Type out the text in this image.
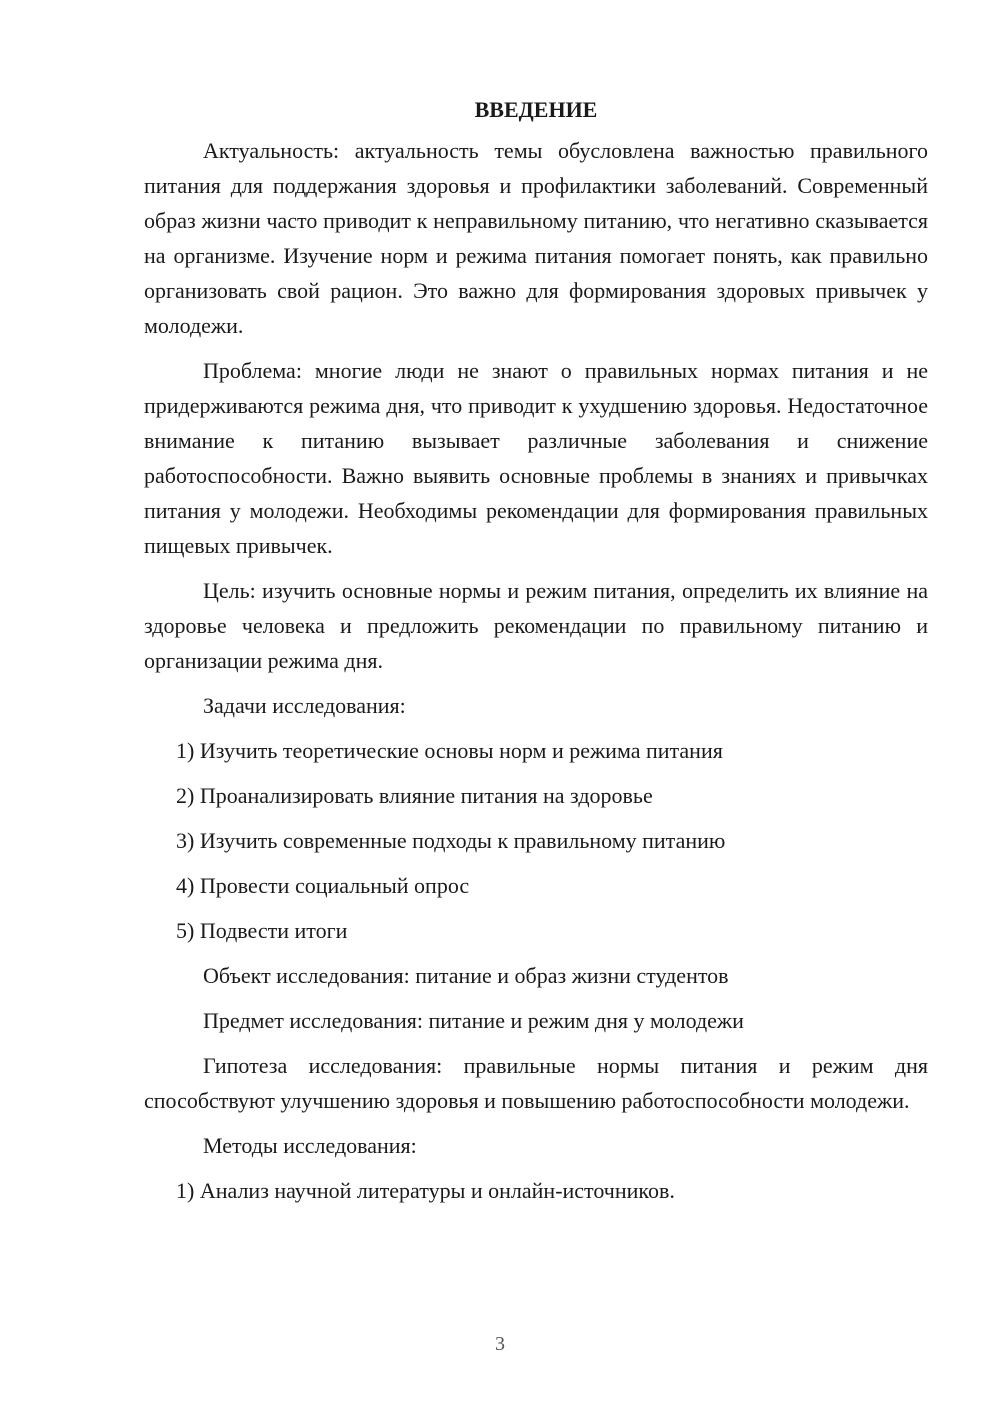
ВВЕДЕНИЕ
Актуальность: актуальность темы обусловлена важностью правильного питания для поддержания здоровья и профилактики заболеваний. Современный образ жизни часто приводит к неправильному питанию, что негативно сказывается на организме. Изучение норм и режима питания помогает понять, как правильно организовать свой рацион. Это важно для формирования здоровых привычек у молодежи.
Проблема: многие люди не знают о правильных нормах питания и не придерживаются режима дня, что приводит к ухудшению здоровья. Недостаточное внимание к питанию вызывает различные заболевания и снижение работоспособности. Важно выявить основные проблемы в знаниях и привычках питания у молодежи. Необходимы рекомендации для формирования правильных пищевых привычек.
Цель: изучить основные нормы и режим питания, определить их влияние на здоровье человека и предложить рекомендации по правильному питанию и организации режима дня.
Задачи исследования:
1) Изучить теоретические основы норм и режима питания
2) Проанализировать влияние питания на здоровье
3) Изучить современные подходы к правильному питанию
4) Провести социальный опрос
5) Подвести итоги
Объект исследования: питание и образ жизни студентов
Предмет исследования: питание и режим дня у молодежи
Гипотеза исследования: правильные нормы питания и режим дня способствуют улучшению здоровья и повышению работоспособности молодежи.
Методы исследования:
1) Анализ научной литературы и онлайн-источников.
3
